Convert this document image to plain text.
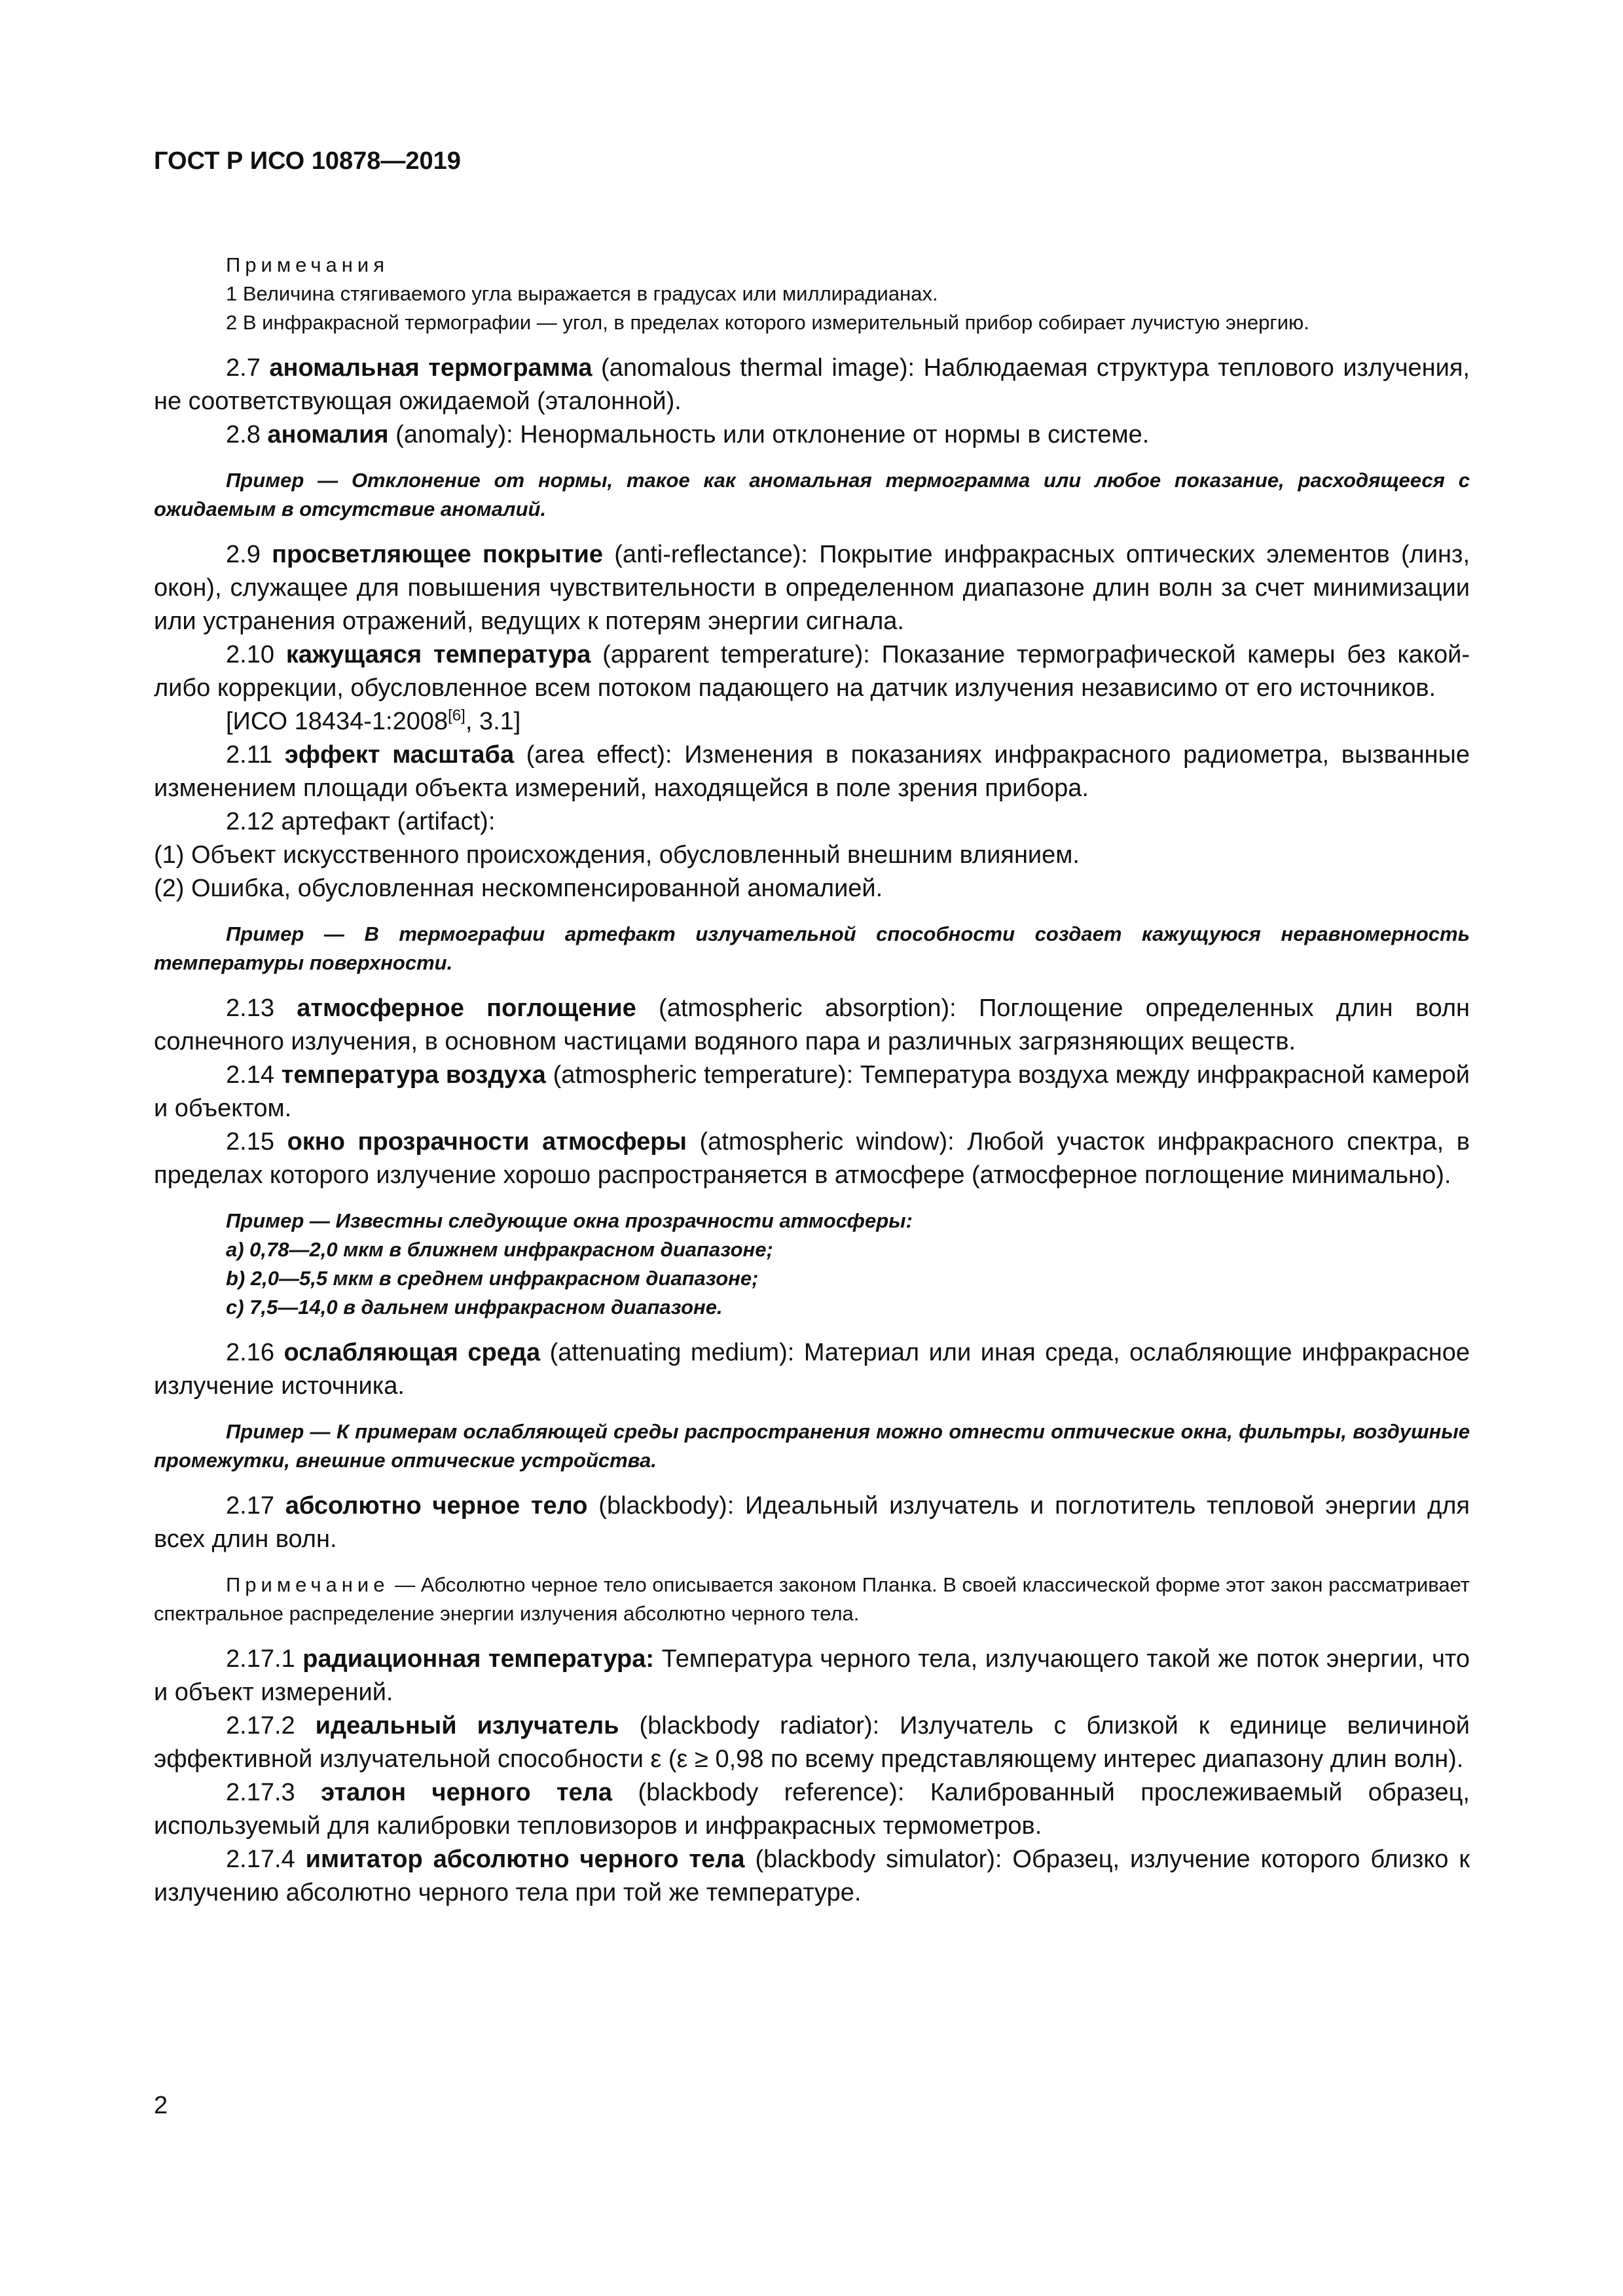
ГОСТ Р ИСО 10878—2019

Примечания

1 Величина стягиваемого угла выражается в градусах или миллирадианах.

2 В инфракрасной термографии — угол, в пределах которого измерительный прибор собирает лучистую энергию.

2.7 аномальная термограмма (anomalous thermal image): Наблюдаемая структура теплового излучения, не соответствующая ожидаемой (эталонной).

2.8 аномалия (anomaly): Ненормальность или отклонение от нормы в системе.

Пример — Отклонение от нормы, такое как аномальная термограмма или любое показание, расходящееся с ожидаемым в отсутствие аномалий.

2.9 просветляющее покрытие (anti-reflectance): Покрытие инфракрасных оптических элементов (линз, окон), служащее для повышения чувствительности в определенном диапазоне длин волн за счет минимизации или устранения отражений, ведущих к потерям энергии сигнала.

2.10 кажущаяся температура (apparent temperature): Показание термографической камеры без какой-либо коррекции, обусловленное всем потоком падающего на датчик излучения независимо от его источников.

[ИСО 18434-1:2008[6], 3.1]

2.11 эффект масштаба (area effect): Изменения в показаниях инфракрасного радиометра, вызванные изменением площади объекта измерений, находящейся в поле зрения прибора.

2.12 артефакт (artifact):

(1) Объект искусственного происхождения, обусловленный внешним влиянием.

(2) Ошибка, обусловленная нескомпенсированной аномалией.

Пример — В термографии артефакт излучательной способности создает кажущуюся неравномерность температуры поверхности.

2.13 атмосферное поглощение (atmospheric absorption): Поглощение определенных длин волн солнечного излучения, в основном частицами водяного пара и различных загрязняющих веществ.

2.14 температура воздуха (atmospheric temperature): Температура воздуха между инфракрасной камерой и объектом.

2.15 окно прозрачности атмосферы (atmospheric window): Любой участок инфракрасного спектра, в пределах которого излучение хорошо распространяется в атмосфере (атмосферное поглощение минимально).

Пример — Известны следующие окна прозрачности атмосферы:

a) 0,78—2,0 мкм в ближнем инфракрасном диапазоне;

b) 2,0—5,5 мкм в среднем инфракрасном диапазоне;

c) 7,5—14,0 в дальнем инфракрасном диапазоне.

2.16 ослабляющая среда (attenuating medium): Материал или иная среда, ослабляющие инфракрасное излучение источника.

Пример — К примерам ослабляющей среды распространения можно отнести оптические окна, фильтры, воздушные промежутки, внешние оптические устройства.

2.17 абсолютно черное тело (blackbody): Идеальный излучатель и поглотитель тепловой энергии для всех длин волн.

Примечание — Абсолютно черное тело описывается законом Планка. В своей классической форме этот закон рассматривает спектральное распределение энергии излучения абсолютно черного тела.

2.17.1 радиационная температура: Температура черного тела, излучающего такой же поток энергии, что и объект измерений.

2.17.2 идеальный излучатель (blackbody radiator): Излучатель с близкой к единице величиной эффективной излучательной способности ε (ε ≥ 0,98 по всему представляющему интерес диапазону длин волн).

2.17.3 эталон черного тела (blackbody reference): Калиброванный прослеживаемый образец, используемый для калибровки тепловизоров и инфракрасных термометров.

2.17.4 имитатор абсолютно черного тела (blackbody simulator): Образец, излучение которого близко к излучению абсолютно черного тела при той же температуре.

2
